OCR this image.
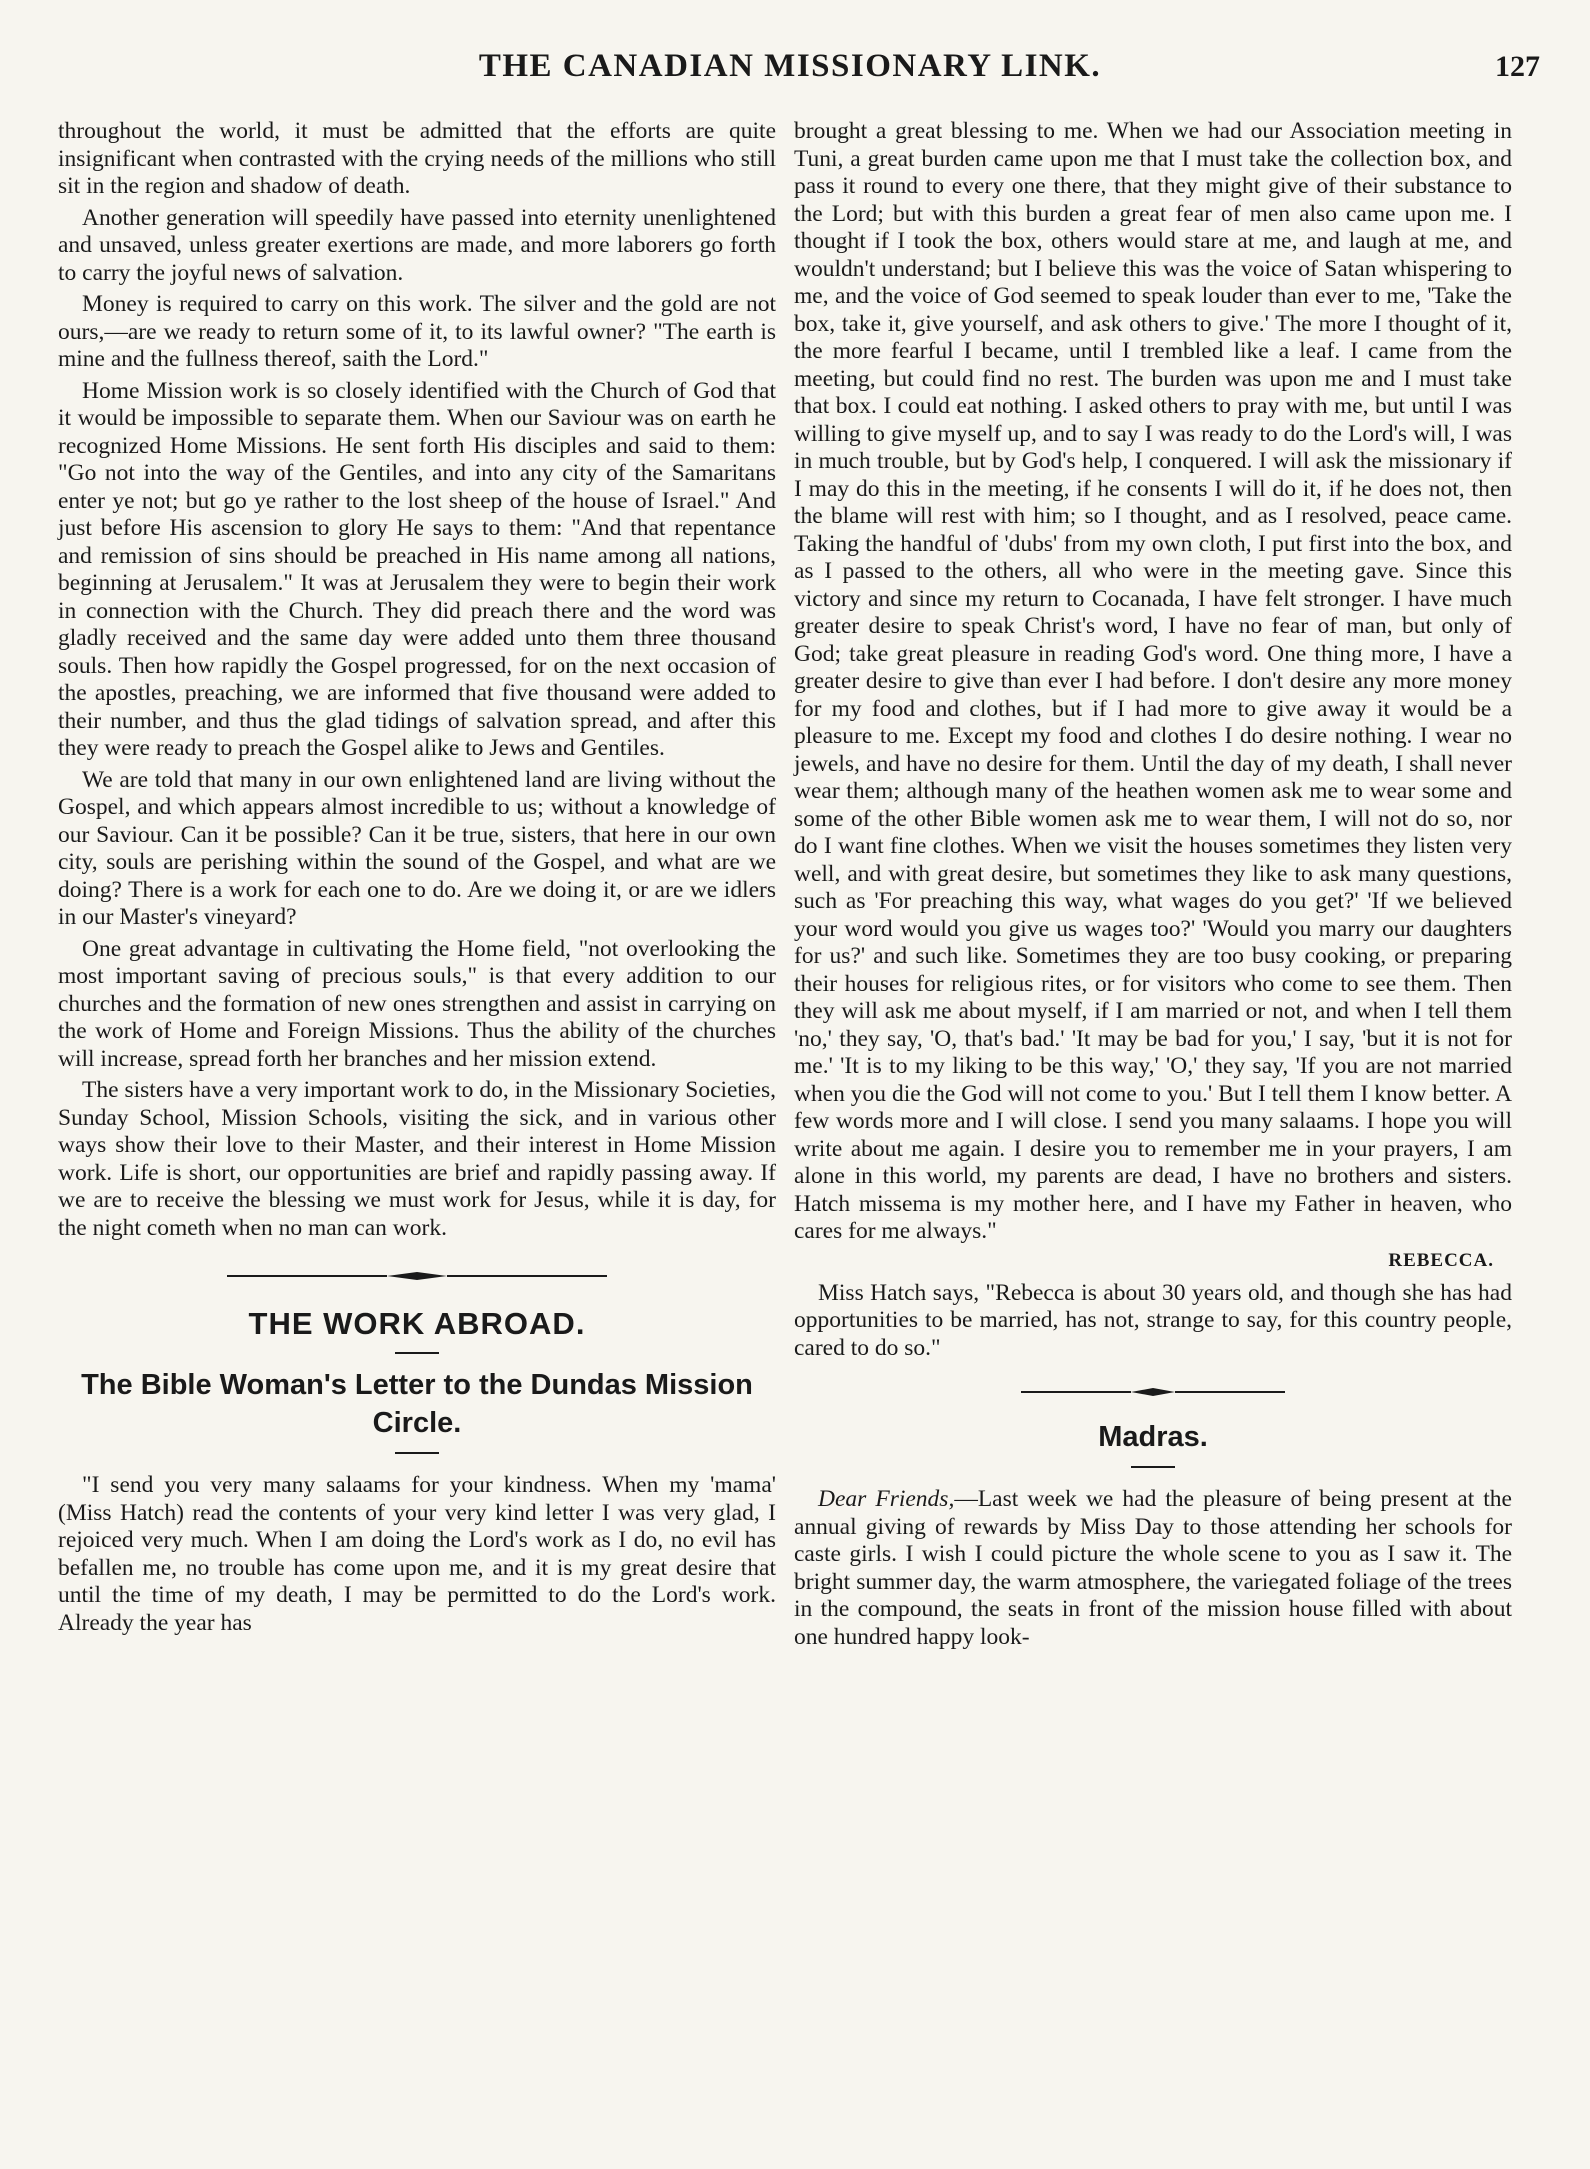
THE CANADIAN MISSIONARY LINK.	127

throughout the world, it must be admitted that the efforts are quite insignificant when contrasted with the crying needs of the millions who still sit in the region and shadow of death.

Another generation will speedily have passed into eternity unenlightened and unsaved, unless greater exertions are made, and more laborers go forth to carry the joyful news of salvation.

Money is required to carry on this work. The silver and the gold are not ours,—are we ready to return some of it, to its lawful owner? "The earth is mine and the fullness thereof, saith the Lord."

Home Mission work is so closely identified with the Church of God that it would be impossible to separate them. When our Saviour was on earth he recognized Home Missions. He sent forth His disciples and said to them: "Go not into the way of the Gentiles, and into any city of the Samaritans enter ye not; but go ye rather to the lost sheep of the house of Israel." And just before His ascension to glory He says to them: "And that repentance and remission of sins should be preached in His name among all nations, beginning at Jerusalem." It was at Jerusalem they were to begin their work in connection with the Church. They did preach there and the word was gladly received and the same day were added unto them three thousand souls. Then how rapidly the Gospel progressed, for on the next occasion of the apostles, preaching, we are informed that five thousand were added to their number, and thus the glad tidings of salvation spread, and after this they were ready to preach the Gospel alike to Jews and Gentiles.

We are told that many in our own enlightened land are living without the Gospel, and which appears almost incredible to us; without a knowledge of our Saviour. Can it be possible? Can it be true, sisters, that here in our own city, souls are perishing within the sound of the Gospel, and what are we doing? There is a work for each one to do. Are we doing it, or are we idlers in our Master's vineyard?

One great advantage in cultivating the Home field, "not overlooking the most important saving of precious souls," is that every addition to our churches and the formation of new ones strengthen and assist in carrying on the work of Home and Foreign Missions. Thus the ability of the churches will increase, spread forth her branches and her mission extend.

The sisters have a very important work to do, in the Missionary Societies, Sunday School, Mission Schools, visiting the sick, and in various other ways show their love to their Master, and their interest in Home Mission work. Life is short, our opportunities are brief and rapidly passing away. If we are to receive the blessing we must work for Jesus, while it is day, for the night cometh when no man can work.

THE WORK ABROAD.
The Bible Woman's Letter to the Dundas Mission Circle.

"I send you very many salaams for your kindness. When my 'mama' (Miss Hatch) read the contents of your very kind letter I was very glad, I rejoiced very much. When I am doing the Lord's work as I do, no evil has befallen me, no trouble has come upon me, and it is my great desire that until the time of my death, I may be permitted to do the Lord's work. Already the year has

brought a great blessing to me. When we had our Association meeting in Tuni, a great burden came upon me that I must take the collection box, and pass it round to every one there, that they might give of their substance to the Lord; but with this burden a great fear of men also came upon me. I thought if I took the box, others would stare at me, and laugh at me, and wouldn't understand; but I believe this was the voice of Satan whispering to me, and the voice of God seemed to speak louder than ever to me, 'Take the box, take it, give yourself, and ask others to give.' The more I thought of it, the more fearful I became, until I trembled like a leaf. I came from the meeting, but could find no rest. The burden was upon me and I must take that box. I could eat nothing. I asked others to pray with me, but until I was willing to give myself up, and to say I was ready to do the Lord's will, I was in much trouble, but by God's help, I conquered. I will ask the missionary if I may do this in the meeting, if he consents I will do it, if he does not, then the blame will rest with him; so I thought, and as I resolved, peace came. Taking the handful of 'dubs' from my own cloth, I put first into the box, and as I passed to the others, all who were in the meeting gave. Since this victory and since my return to Cocanada, I have felt stronger. I have much greater desire to speak Christ's word, I have no fear of man, but only of God; take great pleasure in reading God's word. One thing more, I have a greater desire to give than ever I had before. I don't desire any more money for my food and clothes, but if I had more to give away it would be a pleasure to me. Except my food and clothes I do desire nothing. I wear no jewels, and have no desire for them. Until the day of my death, I shall never wear them; although many of the heathen women ask me to wear some and some of the other Bible women ask me to wear them, I will not do so, nor do I want fine clothes. When we visit the houses sometimes they listen very well, and with great desire, but sometimes they like to ask many questions, such as 'For preaching this way, what wages do you get?' 'If we believed your word would you give us wages too?' 'Would you marry our daughters for us?' and such like. Sometimes they are too busy cooking, or preparing their houses for religious rites, or for visitors who come to see them. Then they will ask me about myself, if I am married or not, and when I tell them 'no,' they say, 'O, that's bad.' 'It may be bad for you,' I say, 'but it is not for me.' 'It is to my liking to be this way,' 'O,' they say, 'If you are not married when you die the God will not come to you.' But I tell them I know better. A few words more and I will close. I send you many salaams. I hope you will write about me again. I desire you to remember me in your prayers, I am alone in this world, my parents are dead, I have no brothers and sisters. Hatch missema is my mother here, and I have my Father in heaven, who cares for me always."

REBECCA.

Miss Hatch says, "Rebecca is about 30 years old, and though she has had opportunities to be married, has not, strange to say, for this country people, cared to do so."

Madras.

Dear Friends,—Last week we had the pleasure of being present at the annual giving of rewards by Miss Day to those attending her schools for caste girls. I wish I could picture the whole scene to you as I saw it. The bright summer day, the warm atmosphere, the variegated foliage of the trees in the compound, the seats in front of the mission house filled with about one hundred happy look-
